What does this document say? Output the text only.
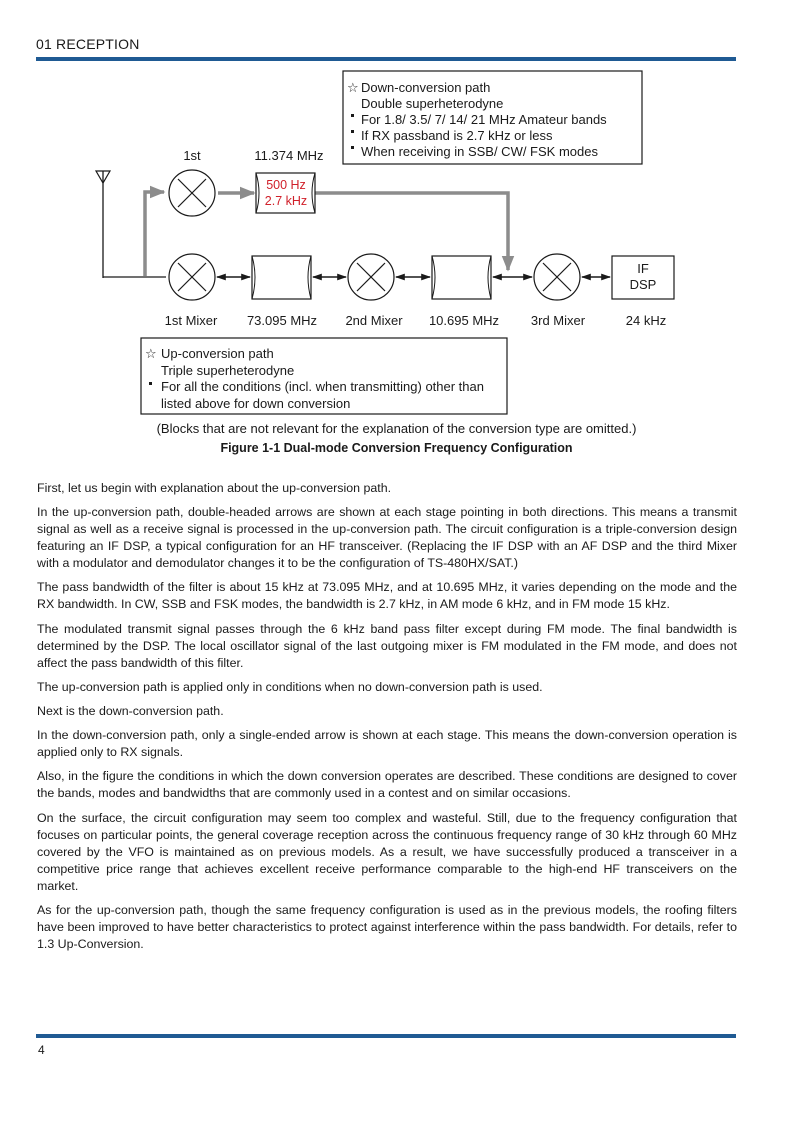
01 RECEPTION
☆ Down-conversion path
Double superheterodyne
For 1.8/ 3.5/ 7/ 14/ 21 MHz Amateur bands
If RX passband is 2.7 kHz or less
When receiving in SSB/ CW/ FSK modes
1st	11.374 MHz
500 Hz
2.7 kHz
IF
DSP
1st Mixer 73.095 MHz 2nd Mixer 10.695 MHz 3rd Mixer	24 kHz
☆ Up-conversion path
Triple superheterodyne
For all the conditions (incl. when transmitting) other than
listed above for down conversion
(Blocks that are not relevant for the explanation of the conversion type are omitted.)
Figure 1-1 Dual-mode Conversion Frequency Configuration

First, let us begin with explanation about the up-conversion path.

In the up-conversion path, double-headed arrows are shown at each stage pointing in both directions. This means a transmit signal as well as a receive signal is processed in the up-conversion path. The circuit configuration is a triple-conversion design featuring an IF DSP, a typical configuration for an HF transceiver. (Replacing the IF DSP with an AF DSP and the third Mixer with a modulator and demodulator changes it to be the configuration of TS-480HX/SAT.)

The pass bandwidth of the filter is about 15 kHz at 73.095 MHz, and at 10.695 MHz, it varies depending on the mode and the RX bandwidth. In CW, SSB and FSK modes, the bandwidth is 2.7 kHz, in AM mode 6 kHz, and in FM mode 15 kHz.

The modulated transmit signal passes through the 6 kHz band pass filter except during FM mode. The final bandwidth is determined by the DSP. The local oscillator signal of the last outgoing mixer is FM modulated in the FM mode, and does not affect the pass bandwidth of this filter.

The up-conversion path is applied only in conditions when no down-conversion path is used.

Next is the down-conversion path.

In the down-conversion path, only a single-ended arrow is shown at each stage. This means the down-conversion operation is applied only to RX signals.

Also, in the figure the conditions in which the down conversion operates are described. These conditions are designed to cover the bands, modes and bandwidths that are commonly used in a contest and on similar occasions.

On the surface, the circuit configuration may seem too complex and wasteful. Still, due to the frequency configuration that focuses on particular points, the general coverage reception across the continuous frequency range of 30 kHz through 60 MHz covered by the VFO is maintained as on previous models. As a result, we have successfully produced a transceiver in a competitive price range that achieves excellent receive performance comparable to the high-end HF transceivers on the market.

As for the up-conversion path, though the same frequency configuration is used as in the previous models, the roofing filters have been improved to have better characteristics to protect against interference within the pass bandwidth. For details, refer to 1.3 Up-Conversion.

4
